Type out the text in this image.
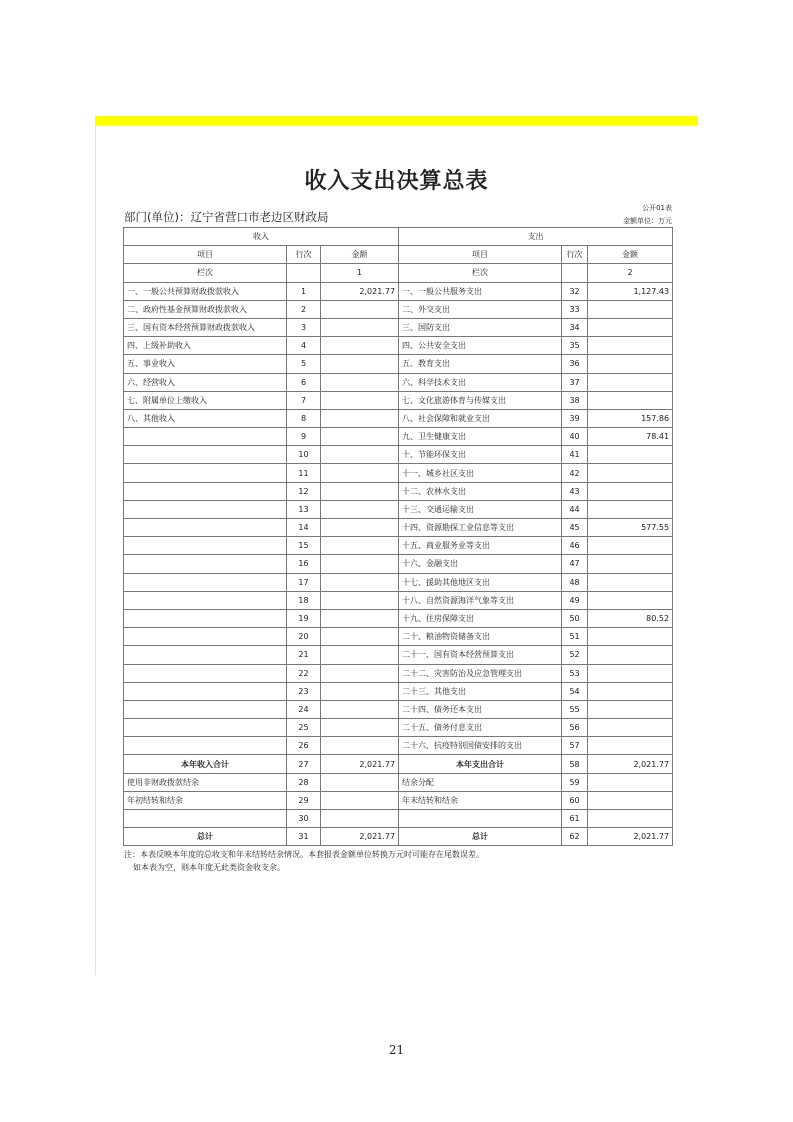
收入支出决算总表
公开01表
金额单位：万元
部门(单位)：辽宁省营口市老边区财政局
收入			支出		
项目	行次	金额	项目	行次	金额
栏次		1	栏次		2
一、一般公共预算财政拨款收入	1	2,021.77	一、一般公共服务支出	32	1,127.43
二、政府性基金预算财政拨款收入	2		二、外交支出	33	
三、国有资本经营预算财政拨款收入	3		三、国防支出	34	
四、上级补助收入	4		四、公共安全支出	35	
五、事业收入	5		五、教育支出	36	
六、经营收入	6		六、科学技术支出	37	
七、附属单位上缴收入	7		七、文化旅游体育与传媒支出	38	
八、其他收入	8		八、社会保障和就业支出	39	157.86
	9		九、卫生健康支出	40	78.41
	10		十、节能环保支出	41	
	11		十一、城乡社区支出	42	
	12		十二、农林水支出	43	
	13		十三、交通运输支出	44	
	14		十四、资源勘探工业信息等支出	45	577.55
	15		十五、商业服务业等支出	46	
	16		十六、金融支出	47	
	17		十七、援助其他地区支出	48	
	18		十八、自然资源海洋气象等支出	49	
	19		十九、住房保障支出	50	80.52
	20		二十、粮油物资储备支出	51	
	21		二十一、国有资本经营预算支出	52	
	22		二十二、灾害防治及应急管理支出	53	
	23		二十三、其他支出	54	
	24		二十四、债务还本支出	55	
	25		二十五、债务付息支出	56	
	26		二十六、抗疫特别国债安排的支出	57	
本年收入合计	27	2,021.77	本年支出合计	58	2,021.77
使用非财政拨款结余	28		结余分配	59	
年初结转和结余	29		年末结转和结余	60	
	30			61	
总计	31	2,021.77	总计	62	2,021.77
注：本表反映本年度的总收支和年末结转结余情况。本套报表金额单位转换万元时可能存在尾数误差。
如本表为空，则本年度无此类资金收支余。
21
